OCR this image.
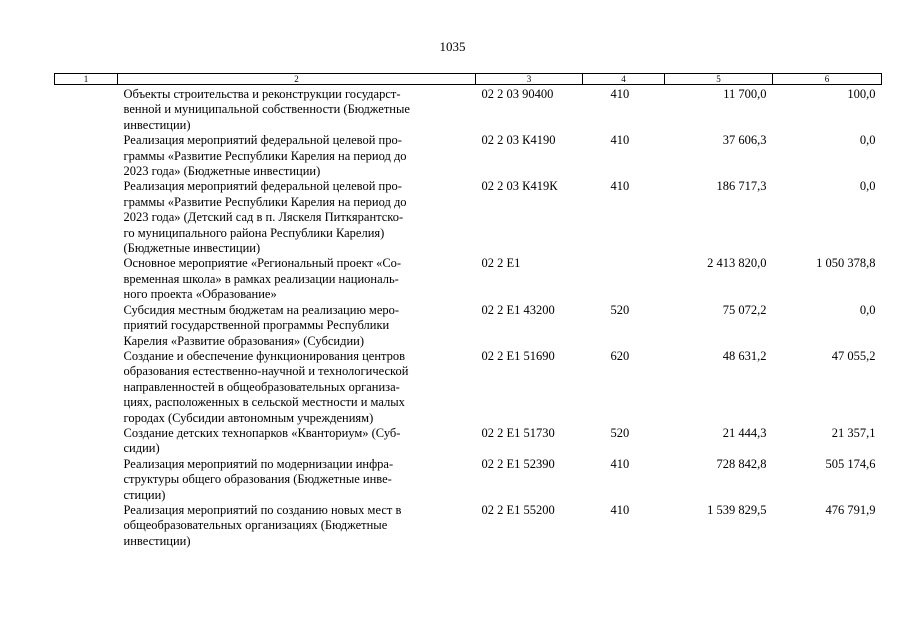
1035
1	2	3	4	5	6
	Объекты строительства и реконструкции государст-
венной и муниципальной собственности (Бюджетные
инвестиции)	02 2 03 90400	410	11 700,0	100,0
	Реализация мероприятий федеральной целевой про-
граммы «Развитие Республики Карелия на период до
2023 года» (Бюджетные инвестиции)	02 2 03 К4190	410	37 606,3	0,0
	Реализация мероприятий федеральной целевой про-
граммы «Развитие Республики Карелия на период до
2023 года» (Детский сад в п. Ляскеля Питкярантско-
го муниципального района Республики Карелия)
(Бюджетные инвестиции)	02 2 03 К419К	410	186 717,3	0,0
	Основное мероприятие «Региональный проект «Со-
временная школа» в рамках реализации националь-
ного проекта «Образование»	02 2 E1		2 413 820,0	1 050 378,8
	Субсидия местным бюджетам на реализацию меро-
приятий государственной программы Республики
Карелия «Развитие образования» (Субсидии)	02 2 E1 43200	520	75 072,2	0,0
	Создание и обеспечение функционирования центров
образования естественно-научной и технологической
направленностей в общеобразовательных организа-
циях, расположенных в сельской местности и малых
городах (Субсидии автономным учреждениям)	02 2 E1 51690	620	48 631,2	47 055,2
	Создание детских технопарков «Кванториум» (Суб-
сидии)	02 2 E1 51730	520	21 444,3	21 357,1
	Реализация мероприятий по модернизации инфра-
структуры общего образования (Бюджетные инве-
стиции)	02 2 E1 52390	410	728 842,8	505 174,6
	Реализация мероприятий по созданию новых мест в
общеобразовательных организациях (Бюджетные
инвестиции)	02 2 E1 55200	410	1 539 829,5	476 791,9
